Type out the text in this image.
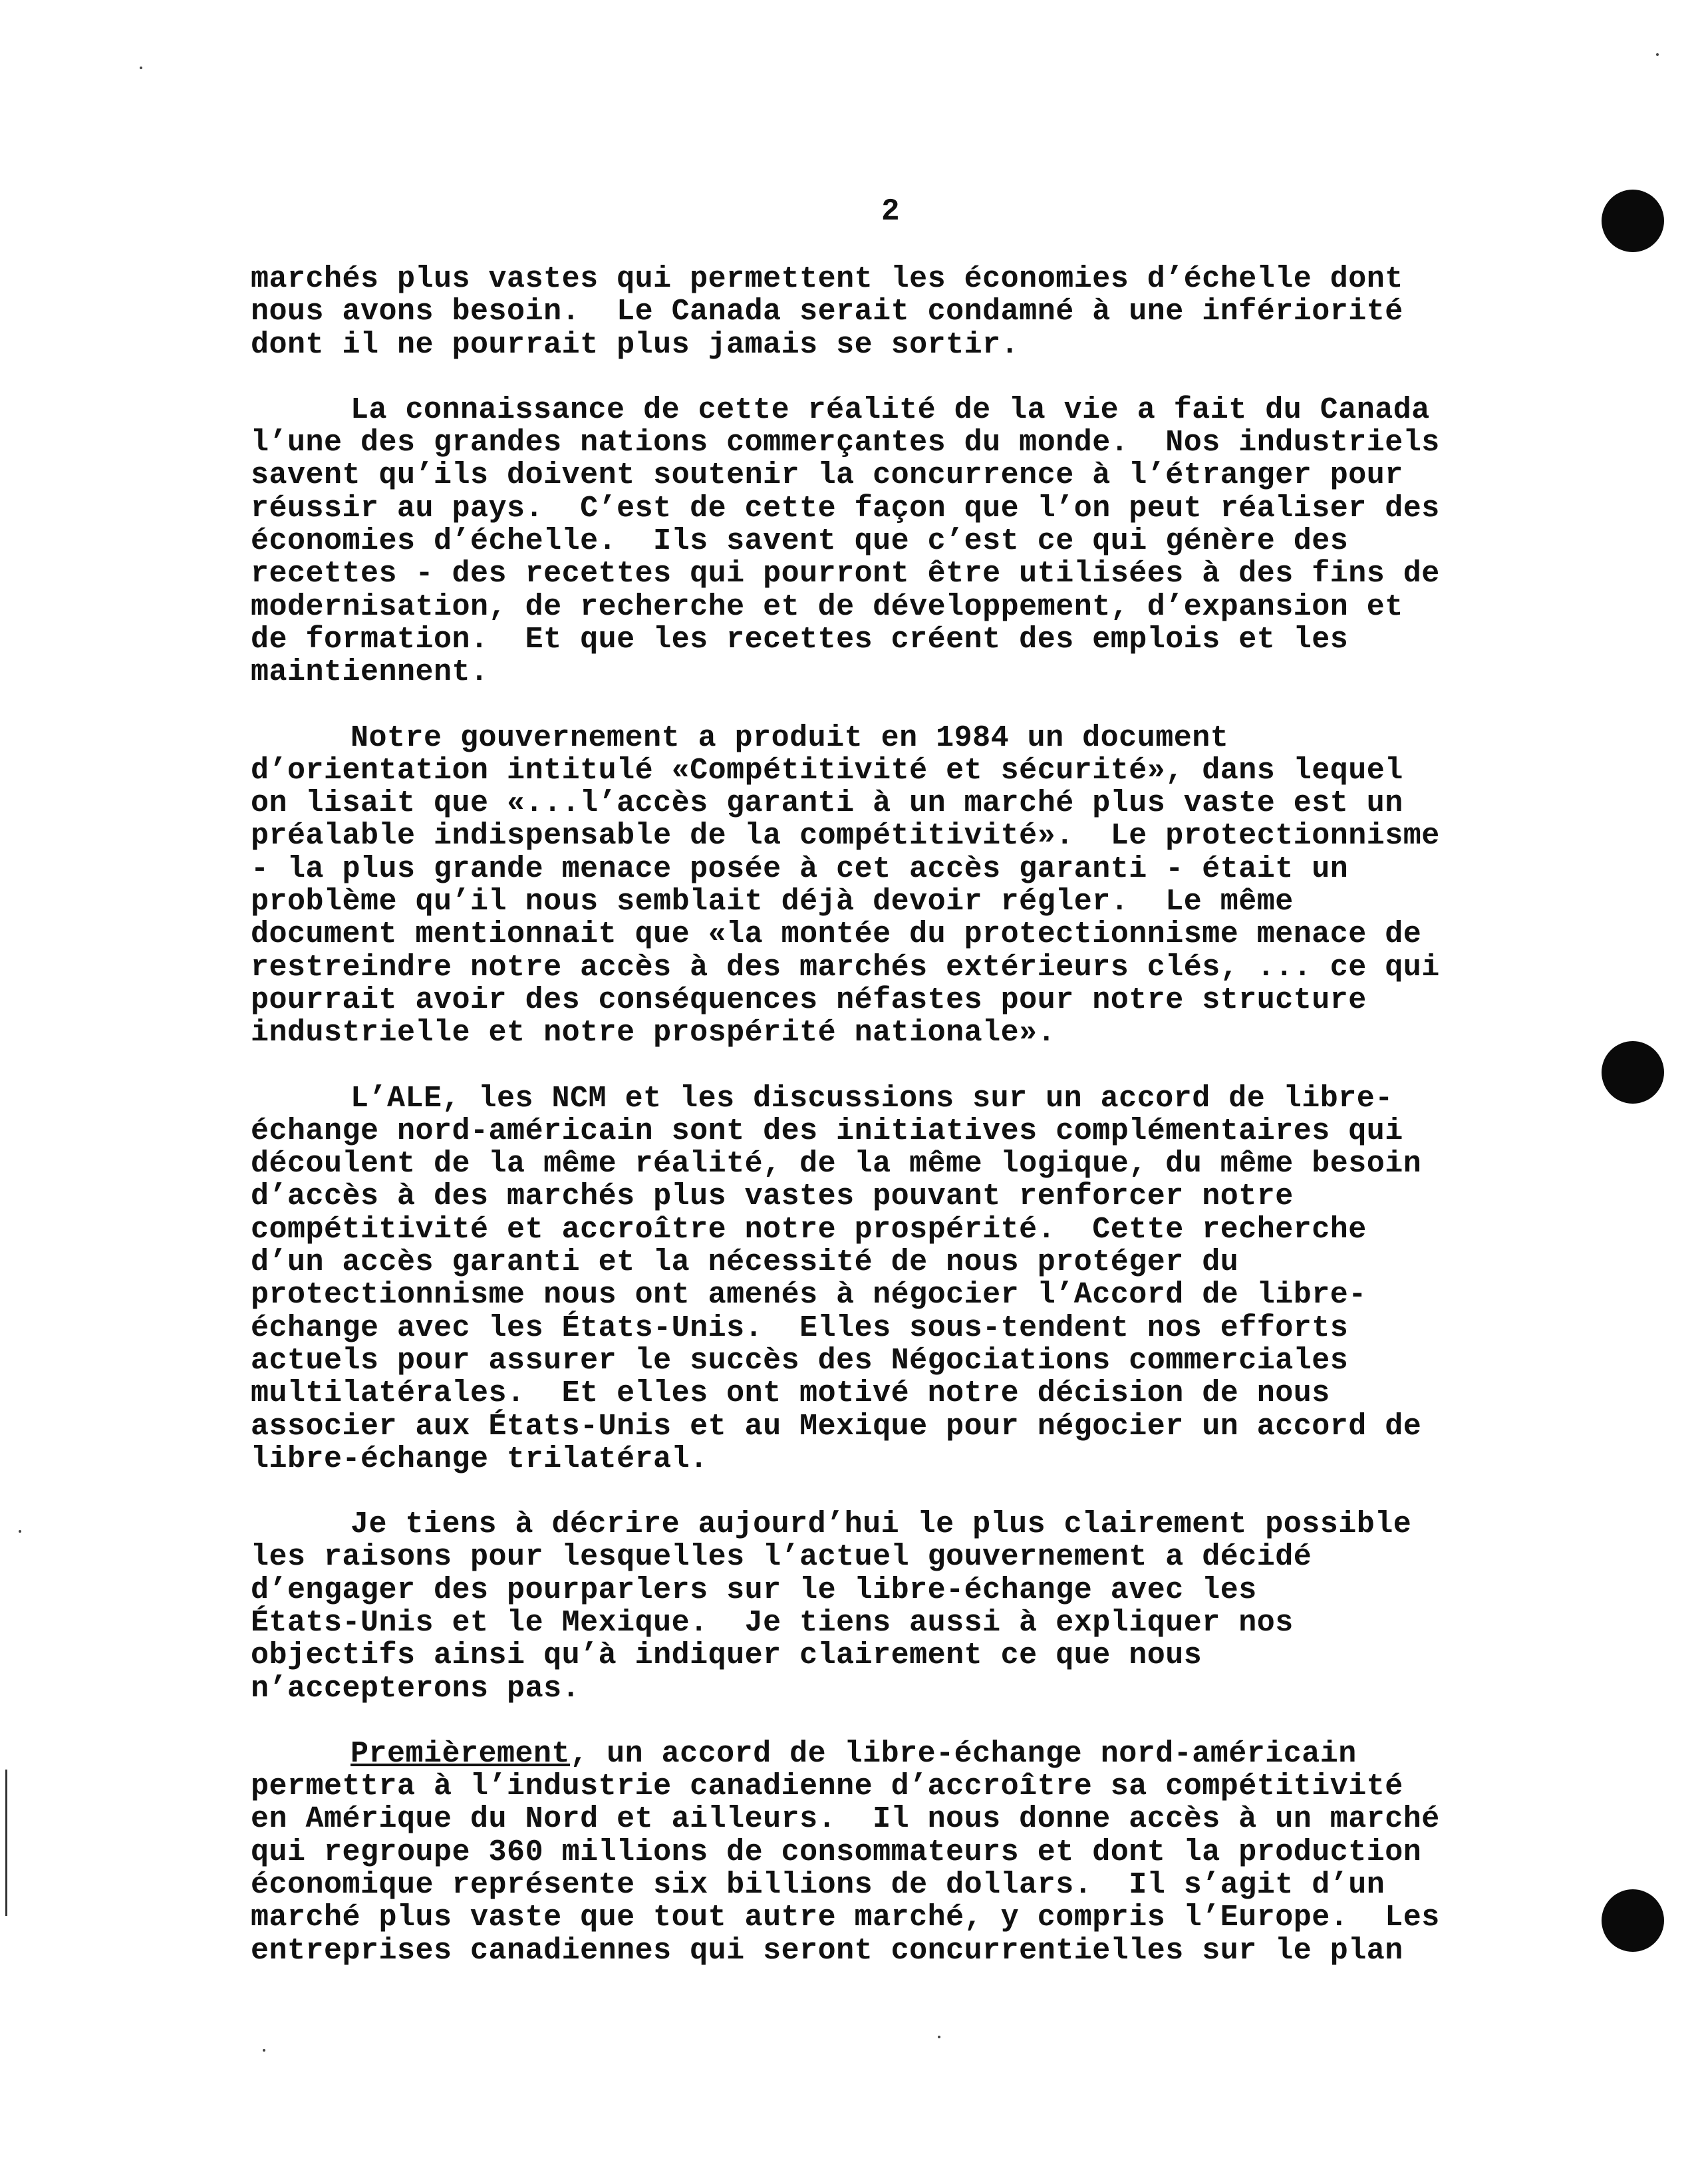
2
marchés plus vastes qui permettent les économies d’échelle dont
nous avons besoin.  Le Canada serait condamné à une infériorité
dont il ne pourrait plus jamais se sortir.
La connaissance de cette réalité de la vie a fait du Canada
l’une des grandes nations commerçantes du monde.  Nos industriels
savent qu’ils doivent soutenir la concurrence à l’étranger pour
réussir au pays.  C’est de cette façon que l’on peut réaliser des
économies d’échelle.  Ils savent que c’est ce qui génère des
recettes - des recettes qui pourront être utilisées à des fins de
modernisation, de recherche et de développement, d’expansion et
de formation.  Et que les recettes créent des emplois et les
maintiennent.
Notre gouvernement a produit en 1984 un document
d’orientation intitulé «Compétitivité et sécurité», dans lequel
on lisait que «...l’accès garanti à un marché plus vaste est un
préalable indispensable de la compétitivité».  Le protectionnisme
- la plus grande menace posée à cet accès garanti - était un
problème qu’il nous semblait déjà devoir régler.  Le même
document mentionnait que «la montée du protectionnisme menace de
restreindre notre accès à des marchés extérieurs clés, ... ce qui
pourrait avoir des conséquences néfastes pour notre structure
industrielle et notre prospérité nationale».
L’ALE, les NCM et les discussions sur un accord de libre-
échange nord-américain sont des initiatives complémentaires qui
découlent de la même réalité, de la même logique, du même besoin
d’accès à des marchés plus vastes pouvant renforcer notre
compétitivité et accroître notre prospérité.  Cette recherche
d’un accès garanti et la nécessité de nous protéger du
protectionnisme nous ont amenés à négocier l’Accord de libre-
échange avec les États-Unis.  Elles sous-tendent nos efforts
actuels pour assurer le succès des Négociations commerciales
multilatérales.  Et elles ont motivé notre décision de nous
associer aux États-Unis et au Mexique pour négocier un accord de
libre-échange trilatéral.
Je tiens à décrire aujourd’hui le plus clairement possible
les raisons pour lesquelles l’actuel gouvernement a décidé
d’engager des pourparlers sur le libre-échange avec les
États-Unis et le Mexique.  Je tiens aussi à expliquer nos
objectifs ainsi qu’à indiquer clairement ce que nous
n’accepterons pas.
Premièrement, un accord de libre-échange nord-américain
permettra à l’industrie canadienne d’accroître sa compétitivité
en Amérique du Nord et ailleurs.  Il nous donne accès à un marché
qui regroupe 360 millions de consommateurs et dont la production
économique représente six billions de dollars.  Il s’agit d’un
marché plus vaste que tout autre marché, y compris l’Europe.  Les
entreprises canadiennes qui seront concurrentielles sur le plan
